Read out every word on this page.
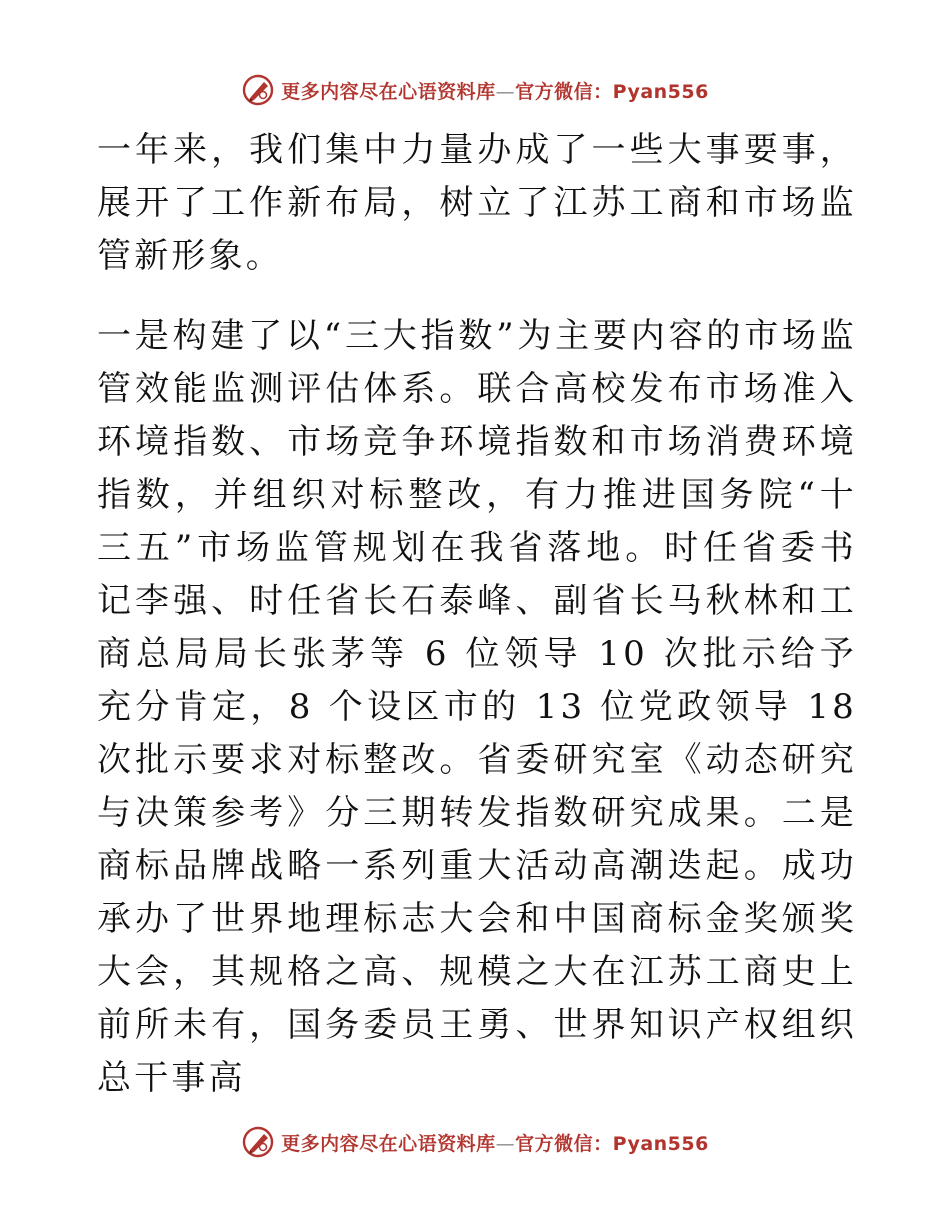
更多内容尽在心语资料库 — 官方微信： Pyan556

一年来，我们集中力量办成了一些大事要事，展开了工作新布局，树立了江苏工商和市场监管新形象。

一是构建了以“三大指数”为主要内容的市场监管效能监测评估体系。联合高校发布市场准入环境指数、市场竞争环境指数和市场消费环境指数，并组织对标整改，有力推进国务院“十三五”市场监管规划在我省落地。时任省委书记李强、时任省长石泰峰、副省长马秋林和工商总局局长张茅等 6 位领导 10 次批示给予充分肯定，8 个设区市的 13 位党政领导 18 次批示要求对标整改。省委研究室《动态研究与决策参考》分三期转发指数研究成果。二是商标品牌战略一系列重大活动高潮迭起。成功承办了世界地理标志大会和中国商标金奖颁奖大会，其规格之高、规模之大在江苏工商史上前所未有，国务委员王勇、世界知识产权组织总干事高

更多内容尽在心语资料库 — 官方微信： Pyan556
